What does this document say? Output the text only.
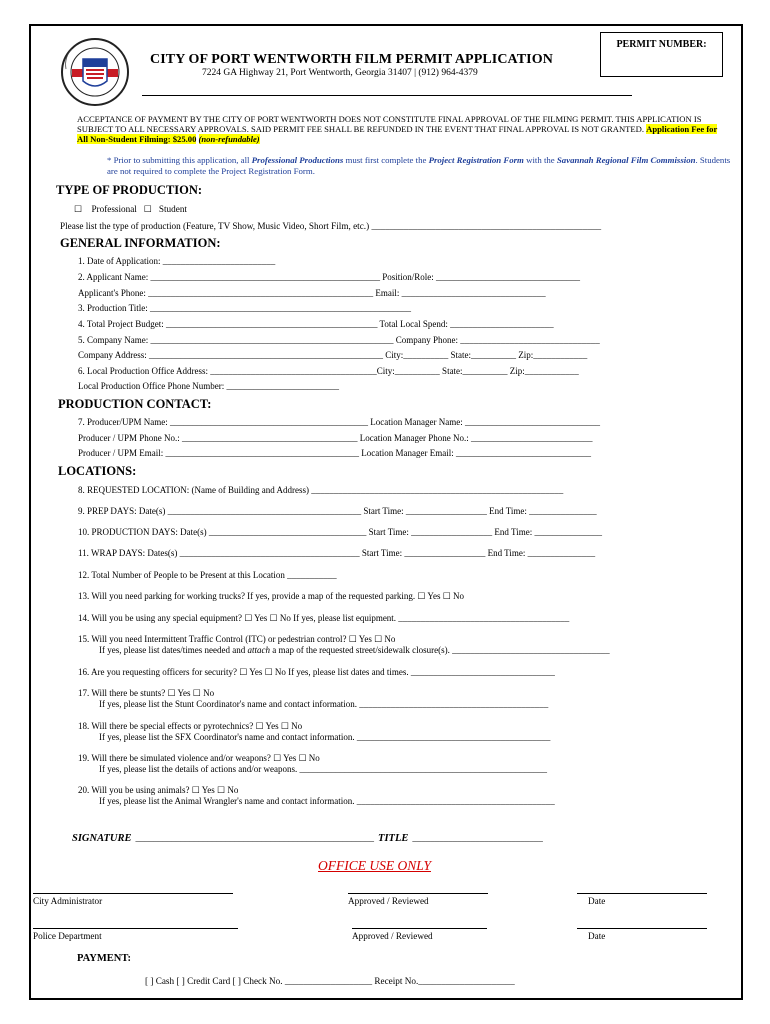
PERMIT NUMBER:
CITY OF PORT WENTWORTH FILM PERMIT APPLICATION
7224 GA Highway 21, Port Wentworth, Georgia 31407 | (912) 964-4379
ACCEPTANCE OF PAYMENT BY THE CITY OF PORT WENTWORTH DOES NOT CONSTITUTE FINAL APPROVAL OF THE FILMING PERMIT. THIS APPLICATION IS SUBJECT TO ALL NECESSARY APPROVALS. SAID PERMIT FEE SHALL BE REFUNDED IN THE EVENT THAT FINAL APPROVAL IS NOT GRANTED. Application Fee for All Non-Student Filming: $25.00 (non-refundable)
* Prior to submitting this application, all Professional Productions must first complete the Project Registration Form with the Savannah Regional Film Commission. Students are not required to complete the Project Registration Form.
TYPE OF PRODUCTION:
☐ Professional ☐ Student
Please list the type of production (Feature, TV Show, Music Video, Short Film, etc.) __________________________________________________
GENERAL INFORMATION:
1. Date of Application: _________________________
2. Applicant Name: ___________________________________________________ Position/Role: ________________________________
Applicant's Phone: __________________________________________________ Email: ________________________________
3. Production Title: __________________________________________________________
4. Total Project Budget: _______________________________________________ Total Local Spend: _______________________
5. Company Name: ______________________________________________________ Company Phone: _______________________________
Company Address: ____________________________________________________ City:__________ State:__________ Zip:____________
6. Local Production Office Address: _____________________________________City:__________ State:__________ Zip:____________
Local Production Office Phone Number: _________________________
PRODUCTION CONTACT:
7. Producer/UPM Name: ____________________________________________ Location Manager Name: ______________________________
Producer / UPM Phone No.: _______________________________________ Location Manager Phone No.: ___________________________
Producer / UPM Email: ___________________________________________ Location Manager Email: ______________________________
LOCATIONS:
8. REQUESTED LOCATION: (Name of Building and Address) ________________________________________________________
9. PREP DAYS: Date(s) ___________________________________________ Start Time: __________________ End Time: _______________
10. PRODUCTION DAYS: Date(s) ___________________________________ Start Time: __________________ End Time: _______________
11. WRAP DAYS: Dates(s) ________________________________________ Start Time: __________________ End Time: _______________
12. Total Number of People to be Present at this Location ___________
13. Will you need parking for working trucks? If yes, provide a map of the requested parking. ☐ Yes ☐ No
14. Will you be using any special equipment? ☐ Yes ☐ No If yes, please list equipment. ______________________________________
15. Will you need Intermittent Traffic Control (ITC) or pedestrian control? ☐ Yes ☐ No
If yes, please list dates/times needed and attach a map of the requested street/sidewalk closure(s). ___________________________________
16. Are you requesting officers for security? ☐ Yes ☐ No If yes, please list dates and times. ________________________________
17. Will there be stunts? ☐ Yes ☐ No
If yes, please list the Stunt Coordinator's name and contact information. __________________________________________
18. Will there be special effects or pyrotechnics? ☐ Yes ☐ No
If yes, please list the SFX Coordinator's name and contact information. ___________________________________________
19. Will there be simulated violence and/or weapons? ☐ Yes ☐ No
If yes, please list the details of actions and/or weapons. _______________________________________________________
20. Will you be using animals? ☐ Yes ☐ No
If yes, please list the Animal Wrangler's name and contact information. ____________________________________________
SIGNATURE _____________________________________________________ TITLE _____________________________
OFFICE USE ONLY
City Administrator	Approved / Reviewed	Date
Police Department	Approved / Reviewed	Date
PAYMENT:
[ ] Cash [ ] Credit Card [ ] Check No. ___________________ Receipt No._____________________
